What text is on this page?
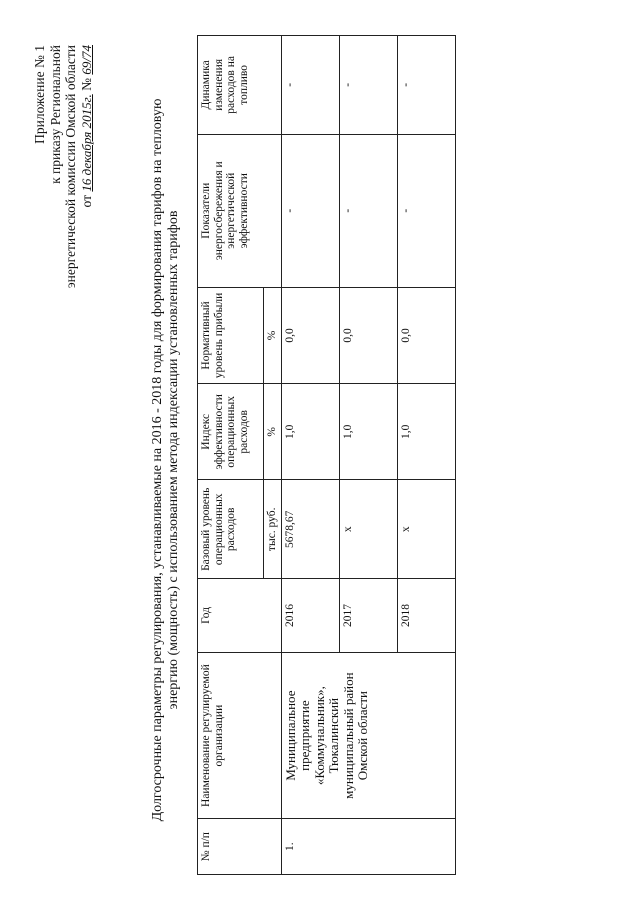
Приложение № 1 к приказу Региональной энергетической комиссии Омской области от 16 декабря 2015г. № 69/74
Долгосрочные параметры регулирования, устанавливаемые на 2016 - 2018 годы для формирования тарифов на тепловую энергию (мощность) с использованием метода индексации установленных тарифов
№ п/п	Наименование регулируемой организации	Год	Базовый уровень операционных расходов	Индекс эффективности операционных расходов	Нормативный уровень прибыли	Показатели энергосбережения и энергетической эффективности	Динамика изменения расходов на топливо
			тыс. руб.	%	%		
1.	Муниципальное предприятие «Коммунальник», Тюкалинский муниципальный район Омской области	2016	5678,67	1,0	0,0	-	-
		2017	x	1,0	0,0	-	-
		2018	x	1,0	0,0	-	-
